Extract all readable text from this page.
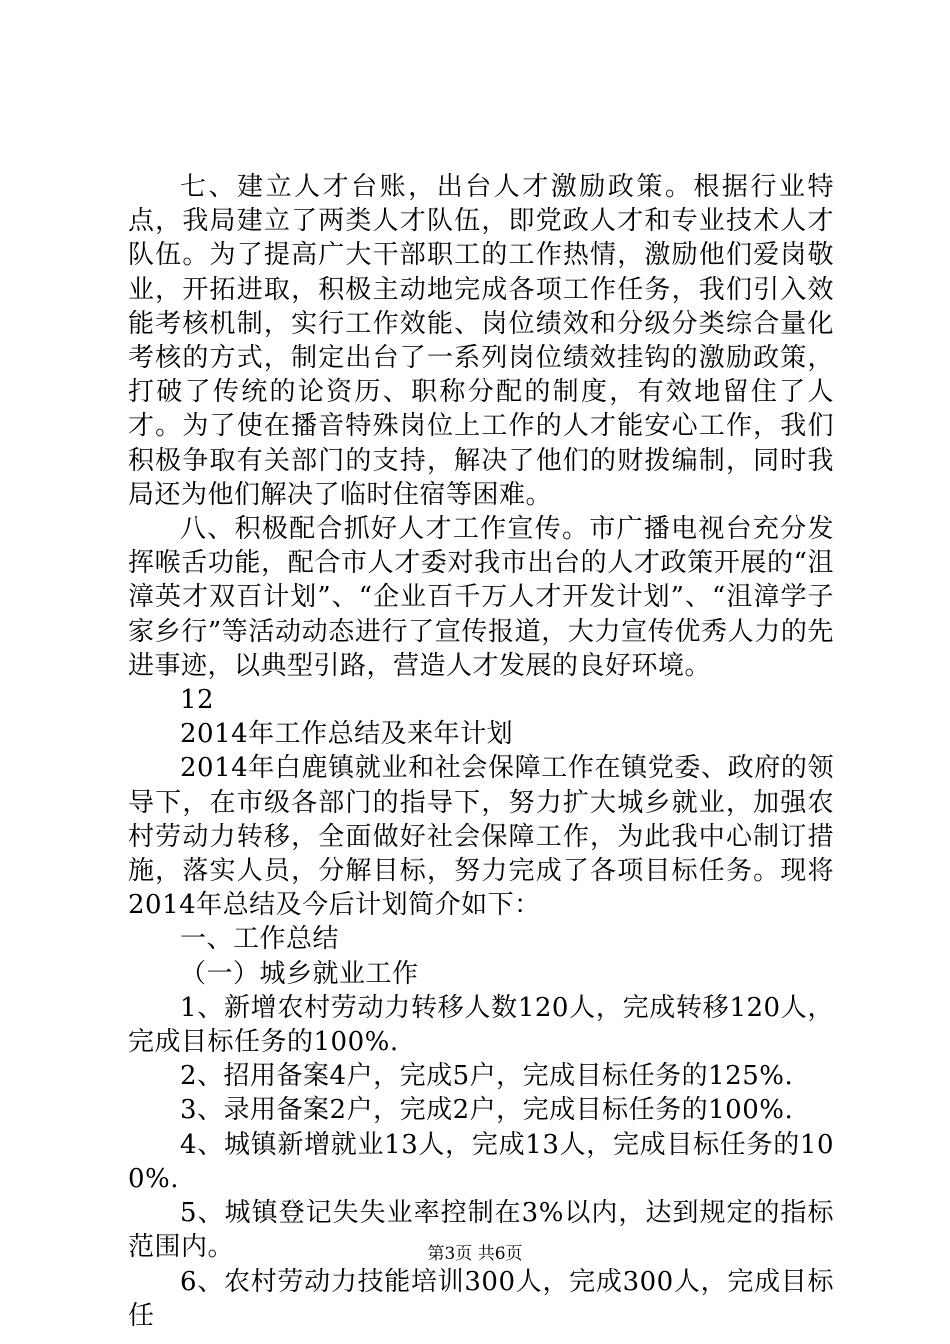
七、建立人才台账，出台人才激励政策。根据行业特点，我局建立了两类人才队伍，即党政人才和专业技术人才队伍。为了提高广大干部职工的工作热情，激励他们爱岗敬业，开拓进取，积极主动地完成各项工作任务，我们引入效能考核机制，实行工作效能、岗位绩效和分级分类综合量化考核的方式，制定出台了一系列岗位绩效挂钩的激励政策，打破了传统的论资历、职称分配的制度，有效地留住了人才。为了使在播音特殊岗位上工作的人才能安心工作，我们积极争取有关部门的支持，解决了他们的财拨编制，同时我局还为他们解决了临时住宿等困难。

八、积极配合抓好人才工作宣传。市广播电视台充分发挥喉舌功能，配合市人才委对我市出台的人才政策开展的“沮漳英才双百计划”、“企业百千万人才开发计划”、“沮漳学子家乡行”等活动动态进行了宣传报道，大力宣传优秀人力的先进事迹，以典型引路，营造人才发展的良好环境。

12

2014年工作总结及来年计划

2014年白鹿镇就业和社会保障工作在镇党委、政府的领导下，在市级各部门的指导下，努力扩大城乡就业，加强农村劳动力转移，全面做好社会保障工作，为此我中心制订措施，落实人员，分解目标，努力完成了各项目标任务。现将2014年总结及今后计划简介如下：

一、工作总结

（一）城乡就业工作

1、新增农村劳动力转移人数120人，完成转移120人，完成目标任务的100%.

2、招用备案4户，完成5户，完成目标任务的125%.

3、录用备案2户，完成2户，完成目标任务的100%.

4、城镇新增就业13人，完成13人，完成目标任务的100%.

5、城镇登记失失业率控制在3%以内，达到规定的指标范围内。

6、农村劳动力技能培训300人，完成300人，完成目标任

第3页 共6页
